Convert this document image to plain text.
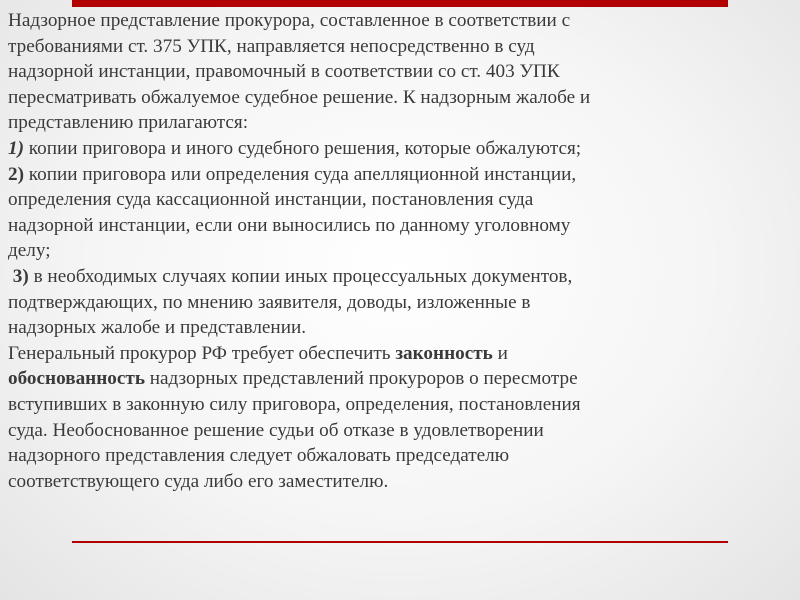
Надзорное представление прокурора, составленное в соответствии с
требованиями ст. 375 УПК, направляется непосредственно в суд
надзорной инстанции, правомочный в соответствии со ст. 403 УПК
пересматривать обжалуемое судебное решение. К надзорным жалобе и
представлению прилагаются:
1) копии приговора и иного судебного решения, которые обжалуются;
2) копии приговора или определения суда апелляционной инстанции,
определения суда кассационной инстанции, постановления суда
надзорной инстанции, если они выносились по данному уголовному
делу;
3) в необходимых случаях копии иных процессуальных документов,
подтверждающих, по мнению заявителя, доводы, изложенные в
надзорных жалобе и представлении.
Генеральный прокурор РФ требует обеспечить законность и
обоснованность надзорных представлений прокуроров о пересмотре
вступивших в законную силу приговора, определения, постановления
суда. Необоснованное решение судьи об отказе в удовлетворении
надзорного представления следует обжаловать председателю
соответствующего суда либо его заместителю.
